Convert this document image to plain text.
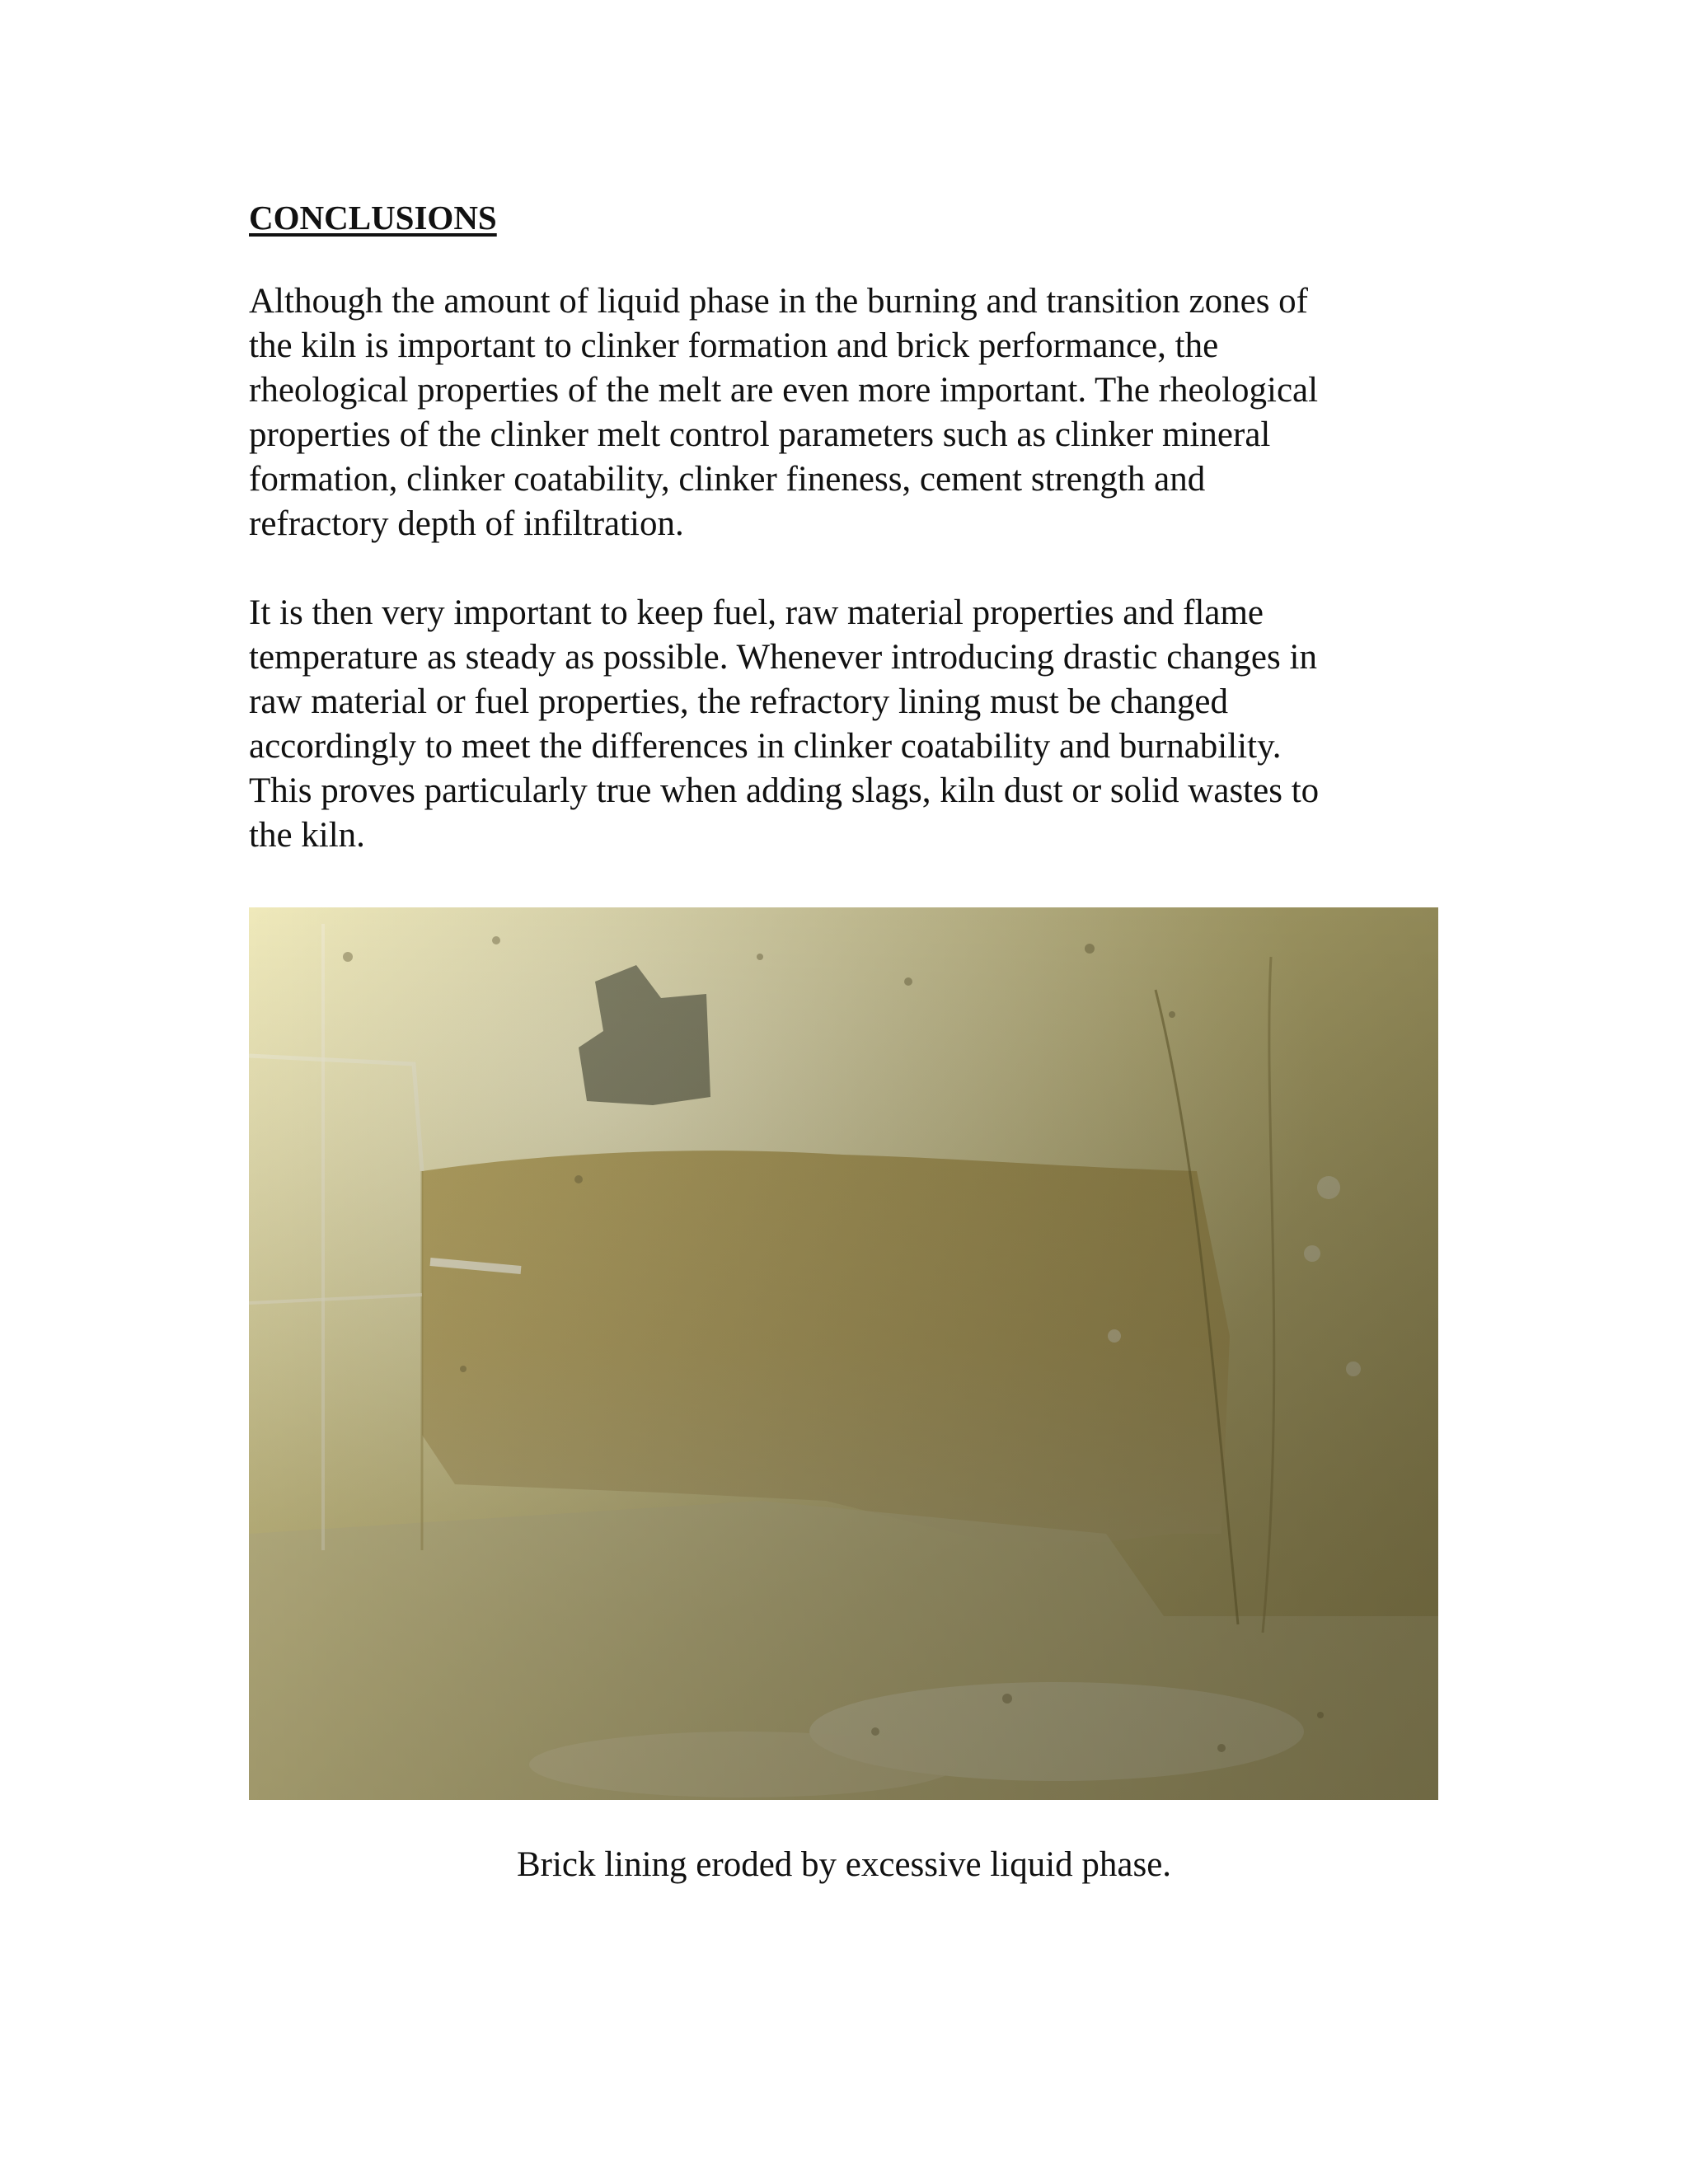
CONCLUSIONS

Although the amount of liquid phase in the burning and transition zones of
the kiln is important to clinker formation and brick performance, the
rheological properties of the melt are even more important. The rheological
properties of the clinker melt control parameters such as clinker mineral
formation, clinker coatability, clinker fineness, cement strength and
refractory depth of infiltration.

It is then very important to keep fuel, raw material properties and flame
temperature as steady as possible. Whenever introducing drastic changes in
raw material or fuel properties, the refractory lining must be changed
accordingly to meet the differences in clinker coatability and burnability.
This proves particularly true when adding slags, kiln dust or solid wastes to
the kiln.

Brick lining eroded by excessive liquid phase.
